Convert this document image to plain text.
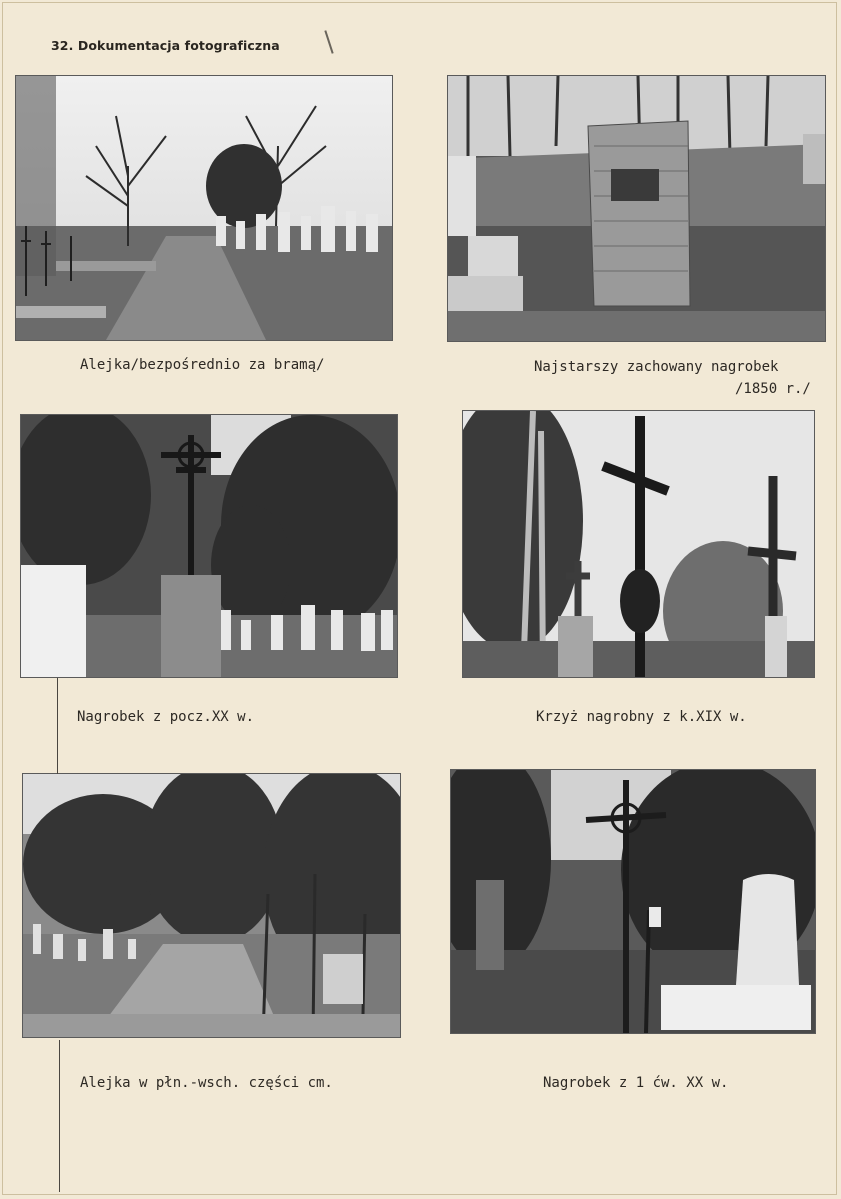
32. Dokumentacja fotograficzna
Alejka/bezpośrednio za bramą/	Najstarszy zachowany nagrobek
/1850 r./
Nagrobek z pocz.XX w.	Krzyż nagrobny z k.XIX w.
Alejka w płn.-wsch. części cm.	Nagrobek z 1 ćw. XX w.
